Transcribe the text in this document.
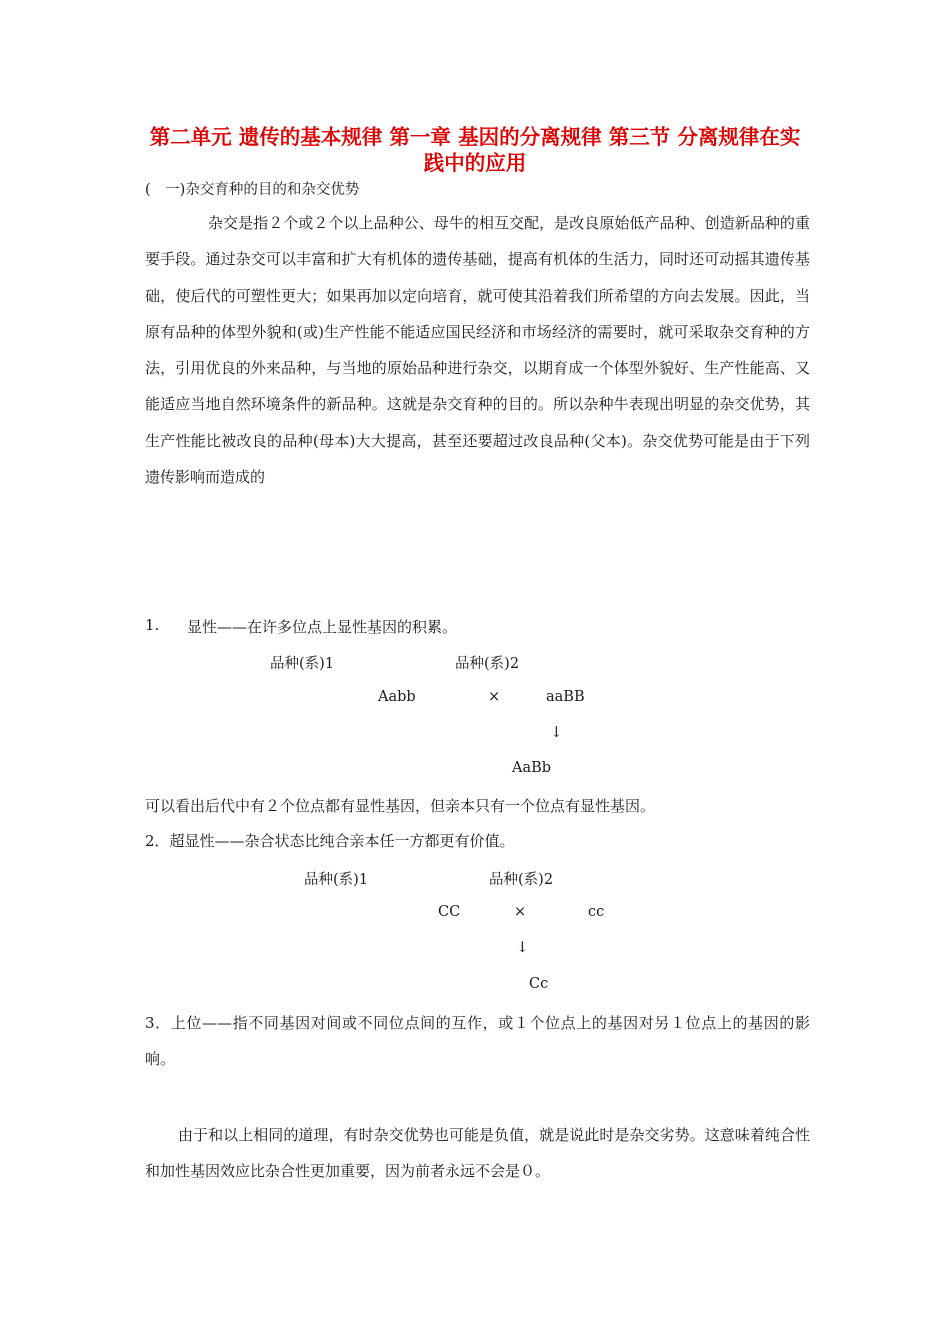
第二单元 遗传的基本规律 第一章 基因的分离规律 第三节 分离规律在实践中的应用
(　一)杂交育种的目的和杂交优势
杂交是指２个或２个以上品种公、母牛的相互交配，是改良原始低产品种、创造新品种的重要手段。通过杂交可以丰富和扩大有机体的遗传基础，提高有机体的生活力，同时还可动摇其遗传基础，使后代的可塑性更大；如果再加以定向培育，就可使其沿着我们所希望的方向去发展。因此，当原有品种的体型外貌和(或)生产性能不能适应国民经济和市场经济的需要时，就可采取杂交育种的方法，引用优良的外来品种，与当地的原始品种进行杂交，以期育成一个体型外貌好、生产性能高、又能适应当地自然环境条件的新品种。这就是杂交育种的目的。所以杂种牛表现出明显的杂交优势，其生产性能比被改良的品种(母本)大大提高，甚至还要超过改良品种(父本)。杂交优势可能是由于下列遗传影响而造成的
1. 显性——在许多位点上显性基因的积累。
品种(系)1	品种(系)2
Aabb	×	aaBB
↓
AaBb
可以看出后代中有２个位点都有显性基因，但亲本只有一个位点有显性基因。
2．超显性——杂合状态比纯合亲本任一方都更有价值。
品种(系)1	品种(系)2
CC	×	cc
↓
Cc
3．上位——指不同基因对间或不同位点间的互作，或１个位点上的基因对另１位点上的基因的影响。
由于和以上相同的道理，有时杂交优势也可能是负值，就是说此时是杂交劣势。这意味着纯合性和加性基因效应比杂合性更加重要，因为前者永远不会是０。
